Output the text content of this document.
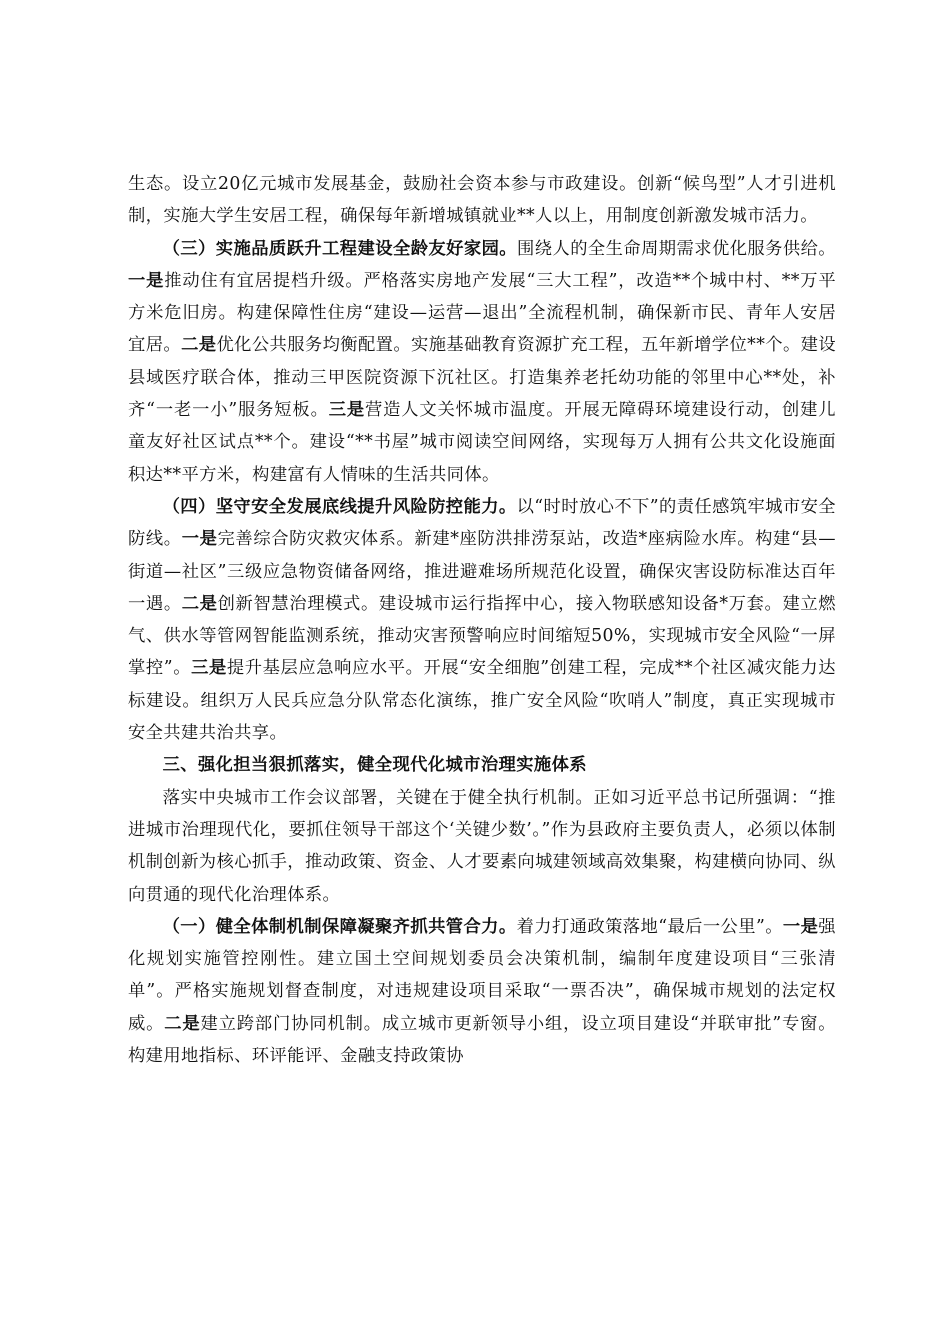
生态。设立20亿元城市发展基金，鼓励社会资本参与市政建设。创新“候鸟型”人才引进机制，实施大学生安居工程，确保每年新增城镇就业**人以上，用制度创新激发城市活力。

（三）实施品质跃升工程建设全龄友好家园。围绕人的全生命周期需求优化服务供给。一是推动住有宜居提档升级。严格落实房地产发展“三大工程”，改造**个城中村、**万平方米危旧房。构建保障性住房“建设—运营—退出”全流程机制，确保新市民、青年人安居宜居。二是优化公共服务均衡配置。实施基础教育资源扩充工程，五年新增学位**个。建设县域医疗联合体，推动三甲医院资源下沉社区。打造集养老托幼功能的邻里中心**处，补齐“一老一小”服务短板。三是营造人文关怀城市温度。开展无障碍环境建设行动，创建儿童友好社区试点**个。建设“**书屋”城市阅读空间网络，实现每万人拥有公共文化设施面积达**平方米，构建富有人情味的生活共同体。

（四）坚守安全发展底线提升风险防控能力。以“时时放心不下”的责任感筑牢城市安全防线。一是完善综合防灾救灾体系。新建*座防洪排涝泵站，改造*座病险水库。构建“县—街道—社区”三级应急物资储备网络，推进避难场所规范化设置，确保灾害设防标准达百年一遇。二是创新智慧治理模式。建设城市运行指挥中心，接入物联感知设备*万套。建立燃气、供水等管网智能监测系统，推动灾害预警响应时间缩短50%，实现城市安全风险“一屏掌控”。三是提升基层应急响应水平。开展“安全细胞”创建工程，完成**个社区减灾能力达标建设。组织万人民兵应急分队常态化演练，推广安全风险“吹哨人”制度，真正实现城市安全共建共治共享。

三、强化担当狠抓落实，健全现代化城市治理实施体系

落实中央城市工作会议部署，关键在于健全执行机制。正如习近平总书记所强调：“推进城市治理现代化，要抓住领导干部这个‘关键少数’。”作为县政府主要负责人，必须以体制机制创新为核心抓手，推动政策、资金、人才要素向城建领域高效集聚，构建横向协同、纵向贯通的现代化治理体系。

（一）健全体制机制保障凝聚齐抓共管合力。着力打通政策落地“最后一公里”。一是强化规划实施管控刚性。建立国土空间规划委员会决策机制，编制年度建设项目“三张清单”。严格实施规划督查制度，对违规建设项目采取“一票否决”，确保城市规划的法定权威。二是建立跨部门协同机制。成立城市更新领导小组，设立项目建设“并联审批”专窗。构建用地指标、环评能评、金融支持政策协
